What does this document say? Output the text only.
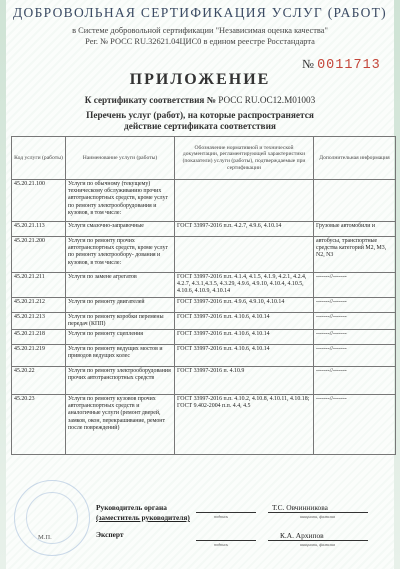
ДОБРОВОЛЬНАЯ СЕРТИФИКАЦИЯ УСЛУГ (РАБОТ)
в Системе добровольной сертификации "Независимая оценка качества"
Рег. № РОСС RU.32621.04ЦИС0 в едином реестре Росстандарта
№ 0011713
ПРИЛОЖЕНИЕ
К сертификату соответствия № РОСС RU.OC12.M01003
Перечень услуг (работ), на которые распространяется
действие сертификата соответствия
Код услуги (работы)	Наименование услуги (работы)	Обозначение нормативной и технической документации, регламентирующей характеристики (показатели) услуги (работы), подтверждаемые при сертификации	Дополнительная информация
45.20.21.100	Услуги по обычному (текущему) техническому обслуживанию прочих автотранспортных средств, кроме услуг по ремонту электрооборудования и кузовов, в том числе:		
45.20.21.113	Услуги смазочно-заправочные	ГОСТ 33997-2016 п.п. 4.2.7, 4.9.6, 4.10.14	Грузовые автомобили и
45.20.21.200	Услуги по ремонту прочих автотранспортных средств, кроме услуг по ремонту электрообору- дования и кузовов, в том числе:		автобусы, транспортные средства категорий М2, М3, N2, N3
45.20.21.211	Услуги по замене агрегатов	ГОСТ 33997-2016 п.п. 4.1.4, 4.1.5, 4.1.9, 4.2.1, 4.2.4, 4.2.7, 4.3.1,4.3.5, 4.3.29, 4.9.6, 4.9.10, 4.10.4, 4.10.5, 4.10.6, 4.10.9, 4.10.14	-------//-------
45.20.21.212	Услуги по ремонту двигателей	ГОСТ 33997-2016 п.п. 4.9.6, 4.9.10, 4.10.14	-------//-------
45.20.21.213	Услуги по ремонту коробки перемены передач (КПП)	ГОСТ 33997-2016 п.п. 4.10.6, 4.10.14	-------//-------
45.20.21.218	Услуги по ремонту сцепления	ГОСТ 33997-2016 п.п. 4.10.6, 4.10.14	-------//-------
45.20.21.219	Услуги по ремонту ведущих мостов и приводов ведущих колес	ГОСТ 33997-2016 п.п. 4.10.6, 4.10.14	-------//-------
45.20.22	Услуги по ремонту электрооборудования прочих автотранспортных средств	ГОСТ 33997-2016 п. 4.10.9	-------//-------
45.20.23	Услуги по ремонту кузовов прочих автотранспортных средств и аналогичные услуги (ремонт дверей, замков, окон, перекрашивание, ремонт после повреждений)	ГОСТ 33997-2016 п.п. 4.10.2, 4.10.8, 4.10.11, 4.10.18; ГОСТ 9.402-2004 п.п. 4.4, 4.5	-------//-------
М.П.
Руководитель органа
(заместитель руководителя)
Т.С. Овчинникова
подпись	инициалы, фамилия
Эксперт	К.А. Архипов
подпись	инициалы, фамилия
